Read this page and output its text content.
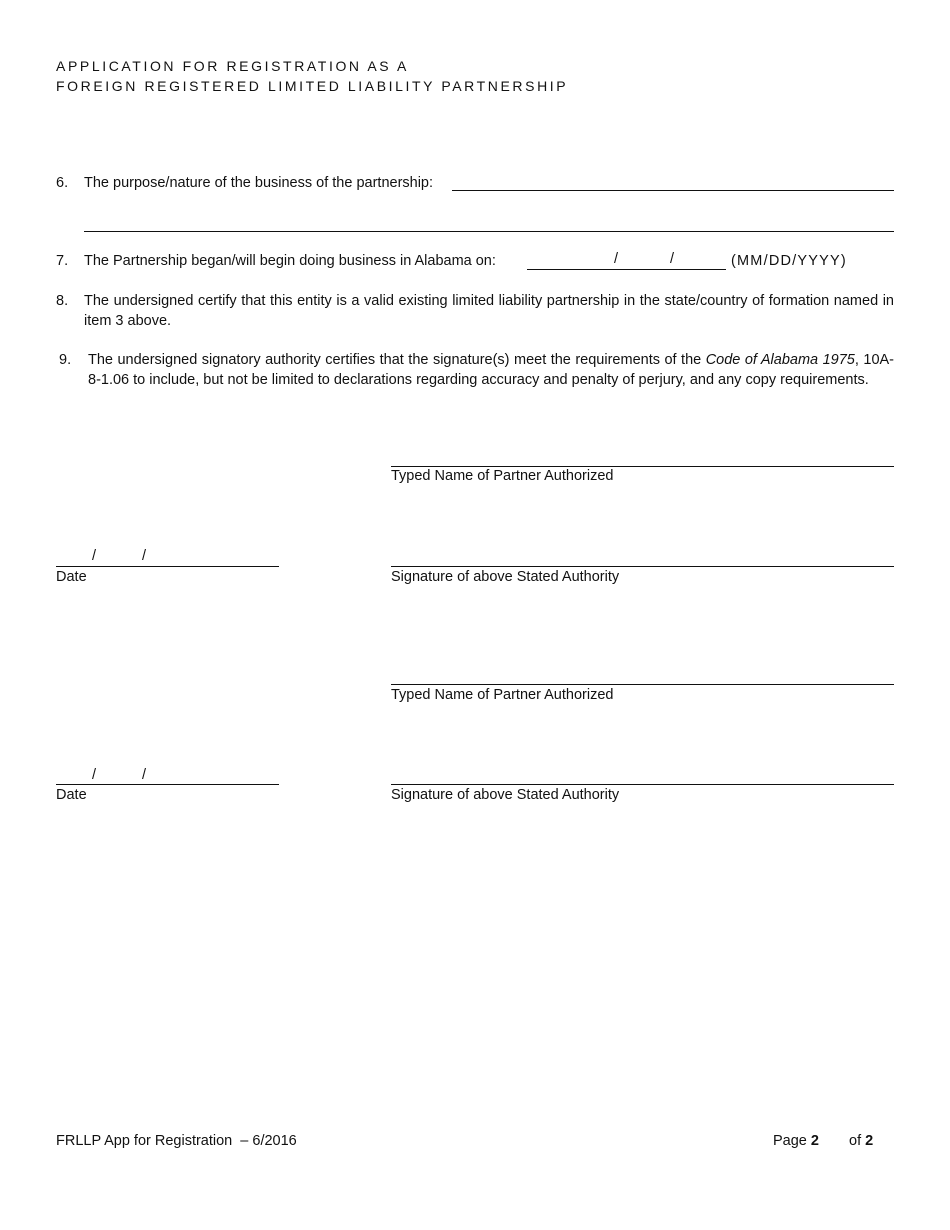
APPLICATION FOR REGISTRATION AS A
FOREIGN REGISTERED LIMITED LIABILITY PARTNERSHIP
6.	The purpose/nature of the business of the partnership:
7.	The Partnership began/will begin doing business in Alabama on:	/	/	(MM/DD/YYYY)
8.	The undersigned certify that this entity is a valid existing limited liability partnership in the state/country of formation named in item 3 above.
9.	The undersigned signatory authority certifies that the signature(s) meet the requirements of the Code of Alabama 1975, 10A-8-1.06 to include, but not be limited to declarations regarding accuracy and penalty of perjury, and any copy requirements.
Typed Name of Partner Authorized
/	/
Date	Signature of above Stated Authority
Typed Name of Partner Authorized
/	/
Date	Signature of above Stated Authority
FRLLP App for Registration  – 6/2016	Page 2 of 2
